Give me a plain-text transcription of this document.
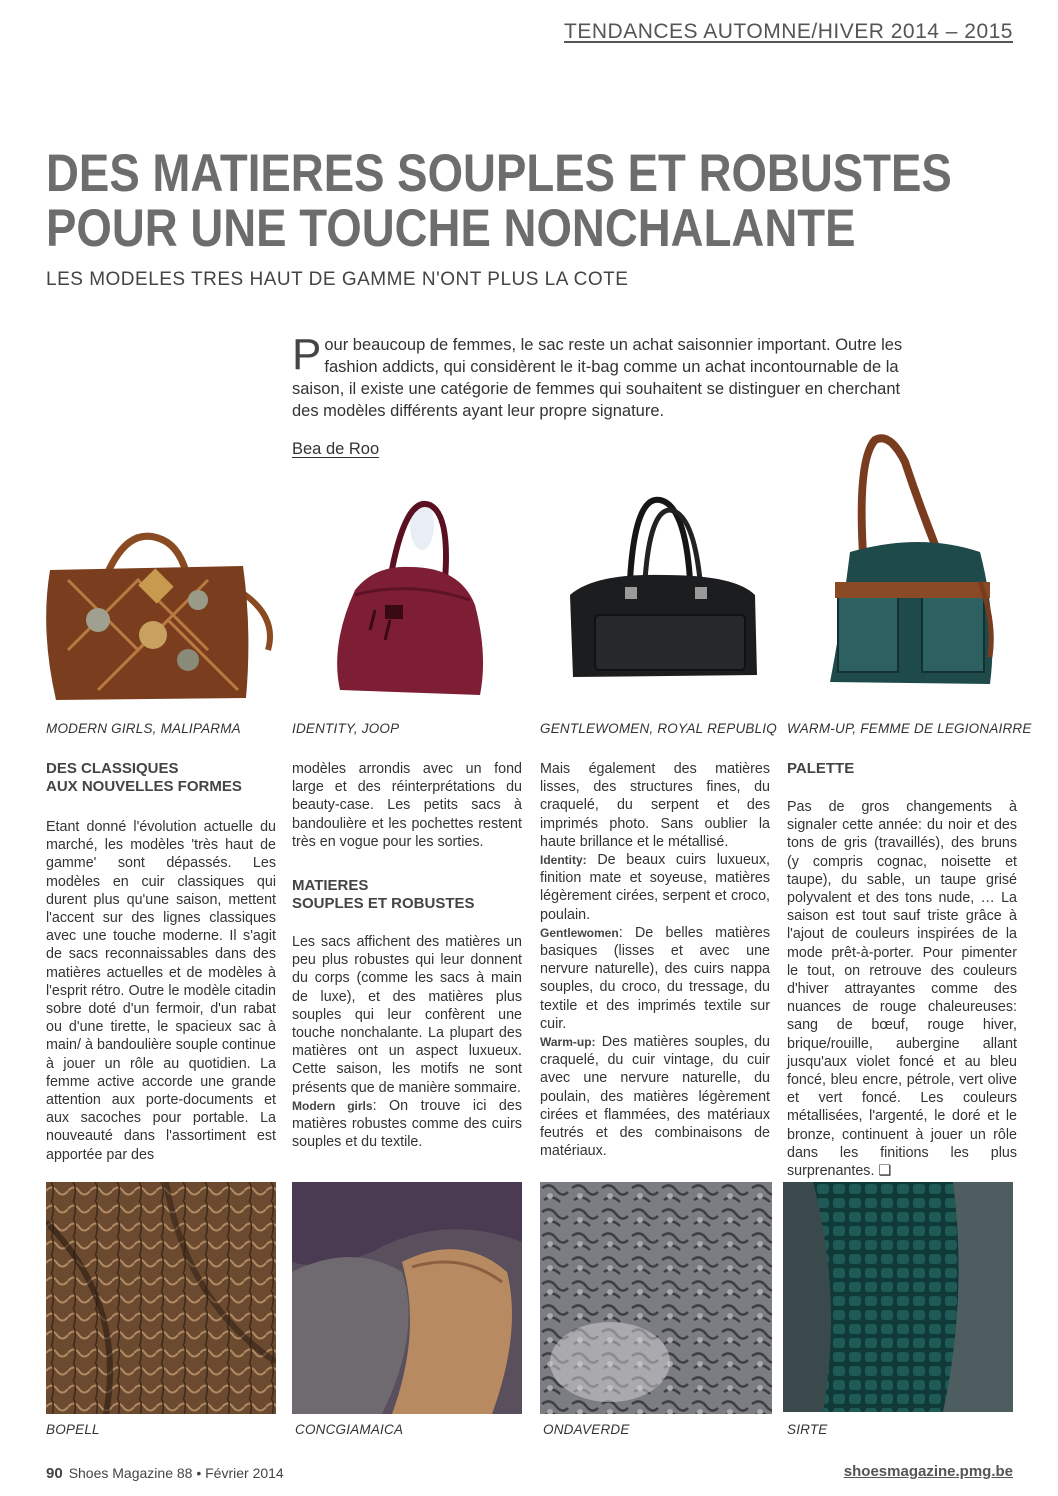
TENDANCES AUTOMNE/HIVER 2014 – 2015
DES MATIERES SOUPLES ET ROBUSTES
POUR UNE TOUCHE NONCHALANTE
LES MODELES TRES HAUT DE GAMME N'ONT PLUS LA COTE
Pour beaucoup de femmes, le sac reste un achat saisonnier important. Outre les fashion addicts, qui considèrent le it-bag comme un achat incontournable de la saison, il existe une catégorie de femmes qui souhaitent se distinguer en cherchant des modèles différents ayant leur propre signature.
Bea de Roo
MODERN GIRLS, MALIPARMA	IDENTITY, JOOP	GENTLEWOMEN, ROYAL REPUBLIQ WARM-UP, FEMME DE LEGIONAIRRE
DES CLASSIQUES
AUX NOUVELLES FORMES

Etant donné l'évolution actuelle du marché, les modèles 'très haut de gamme' sont dépassés. Les modèles en cuir classiques qui durent plus qu'une saison, mettent l'accent sur des lignes classiques avec une touche moderne. Il s'agit de sacs reconnaissables dans des matières actuelles et de modèles à l'esprit rétro. Outre le modèle citadin sobre doté d'un fermoir, d'un rabat ou d'une tirette, le spacieux sac à main/ à bandoulière souple continue à jouer un rôle au quotidien. La femme active accorde une grande attention aux porte-documents et aux sacoches pour portable. La nouveauté dans l'assortiment est apportée par des

modèles arrondis avec un fond large et des réinterprétations du beauty-case. Les petits sacs à bandoulière et les pochettes restent très en vogue pour les sorties.

MATIERES
SOUPLES ET ROBUSTES

Les sacs affichent des matières un peu plus robustes qui leur donnent du corps (comme les sacs à main de luxe), et des matières plus souples qui leur confèrent une touche nonchalante. La plupart des matières ont un aspect luxueux. Cette saison, les motifs ne sont présents que de manière sommaire.

Modern girls: On trouve ici des matières robustes comme des cuirs souples et du textile.

Mais également des matières lisses, des structures fines, du craquelé, du serpent et des imprimés photo. Sans oublier la haute brillance et le métallisé.

Identity: De beaux cuirs luxueux, finition mate et soyeuse, matières légèrement cirées, serpent et croco, poulain.

Gentlewomen: De belles matières basiques (lisses et avec une nervure naturelle), des cuirs nappa souples, du croco, du tressage, du textile et des imprimés textile sur cuir.

Warm-up: Des matières souples, du craquelé, du cuir vintage, du cuir avec une nervure naturelle, du poulain, des matières légèrement cirées et flammées, des matériaux feutrés et des combinaisons de matériaux.

PALETTE

Pas de gros changements à signaler cette année: du noir et des tons de gris (travaillés), des bruns (y compris cognac, noisette et taupe), du sable, un taupe grisé polyvalent et des tons nude, … La saison est tout sauf triste grâce à l'ajout de couleurs inspirées de la mode prêt-à-porter. Pour pimenter le tout, on retrouve des couleurs d'hiver attrayantes comme des nuances de rouge chaleureuses: sang de bœuf, rouge hiver, brique/rouille, aubergine allant jusqu'aux violet foncé et au bleu foncé, bleu encre, pétrole, vert olive et vert foncé. Les couleurs métallisées, l'argenté, le doré et le bronze, continuent à jouer un rôle dans les finitions les plus surprenantes. ❑

BOPELL	CONCGIAMAICA	ONDAVERDE	SIRTE
90 Shoes Magazine 88 • Février 2014	shoesmagazine.pmg.be
